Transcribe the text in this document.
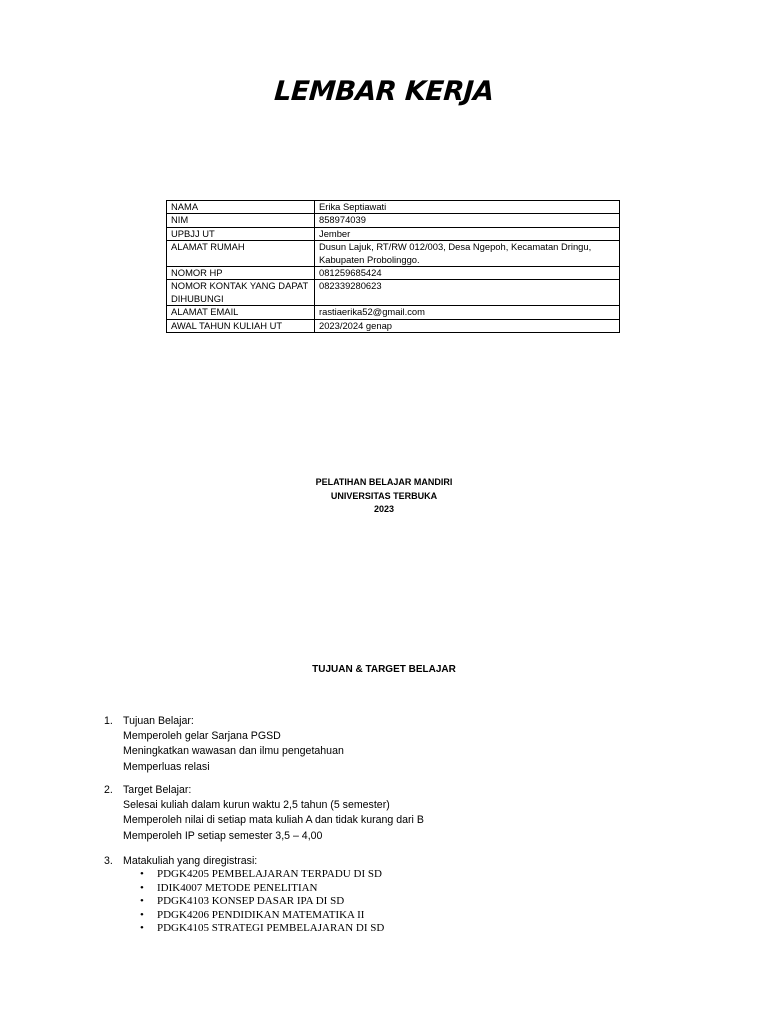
LEMBAR KERJA
NAMA	Erika Septiawati
NIM	858974039
UPBJJ UT	Jember
ALAMAT RUMAH	Dusun Lajuk, RT/RW 012/003, Desa Ngepoh, Kecamatan Dringu, Kabupaten Probolinggo.
NOMOR HP	081259685424
NOMOR KONTAK YANG DAPAT DIHUBUNGI	082339280623
ALAMAT EMAIL	rastiaerika52@gmail.com
AWAL TAHUN KULIAH UT	2023/2024 genap
PELATIHAN BELAJAR MANDIRI
UNIVERSITAS TERBUKA
2023
TUJUAN & TARGET BELAJAR
1. Tujuan Belajar:
Memperoleh gelar Sarjana PGSD
Meningkatkan wawasan dan ilmu pengetahuan
Memperluas relasi
2. Target Belajar:
Selesai kuliah dalam kurun waktu 2,5 tahun (5 semester)
Memperoleh nilai di setiap mata kuliah A dan tidak kurang dari B
Memperoleh IP setiap semester 3,5 – 4,00
3. Matakuliah yang diregistrasi:
• PDGK4205 PEMBELAJARAN TERPADU DI SD
• IDIK4007 METODE PENELITIAN
• PDGK4103 KONSEP DASAR IPA DI SD
• PDGK4206 PENDIDIKAN MATEMATIKA II
• PDGK4105 STRATEGI PEMBELAJARAN DI SD
